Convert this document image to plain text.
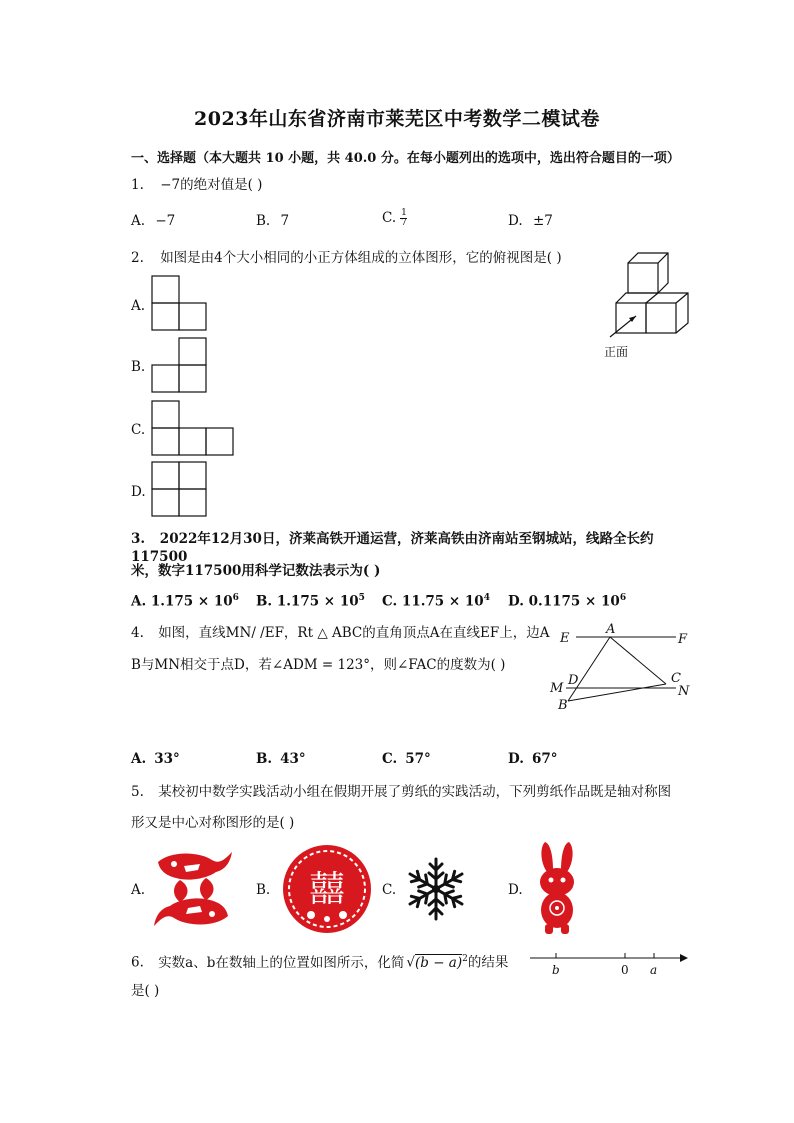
2023年山东省济南市莱芜区中考数学二模试卷
一、选择题（本大题共 10 小题，共 40.0 分。在每小题列出的选项中，选出符合题目的一项）
1. −7的绝对值是( )
A. −7	B. 7	C. $\frac{1}{7}$	D. ±7
2. 如图是由4个大小相同的小正方体组成的立体图形，它的俯视图是( )
正面
A.
B.
C.
D.
3. 2022年12月30日，济莱高铁开通运营，济莱高铁由济南站至钢城站，线路全长约117500
米，数字117500用科学记数法表示为( )
A. $1.175 \times 10^6$ B. $1.175 \times 10^5$ C. $11.75 \times 10^4$ D. $0.1175 \times 10^6$
4. 如图，直线MN/ /EF，Rt △ ABC的直角顶点A在直线EF上，边A
B与MN相交于点D，若∠ADM = 123°，则∠FAC的度数为( )
E
A
F
M
D	C
N
B
A. 33°	B. 43°	C. 57°	D. 67°
5. 某校初中数学实践活动小组在假期开展了剪纸的实践活动，下列剪纸作品既是轴对称图
形又是中心对称图形的是( )
A.	B. 囍	C.	D.
6. 实数a、b在数轴上的位置如图所示，化简 $√(b - a)^2$的结果
是( )
b	0 a
